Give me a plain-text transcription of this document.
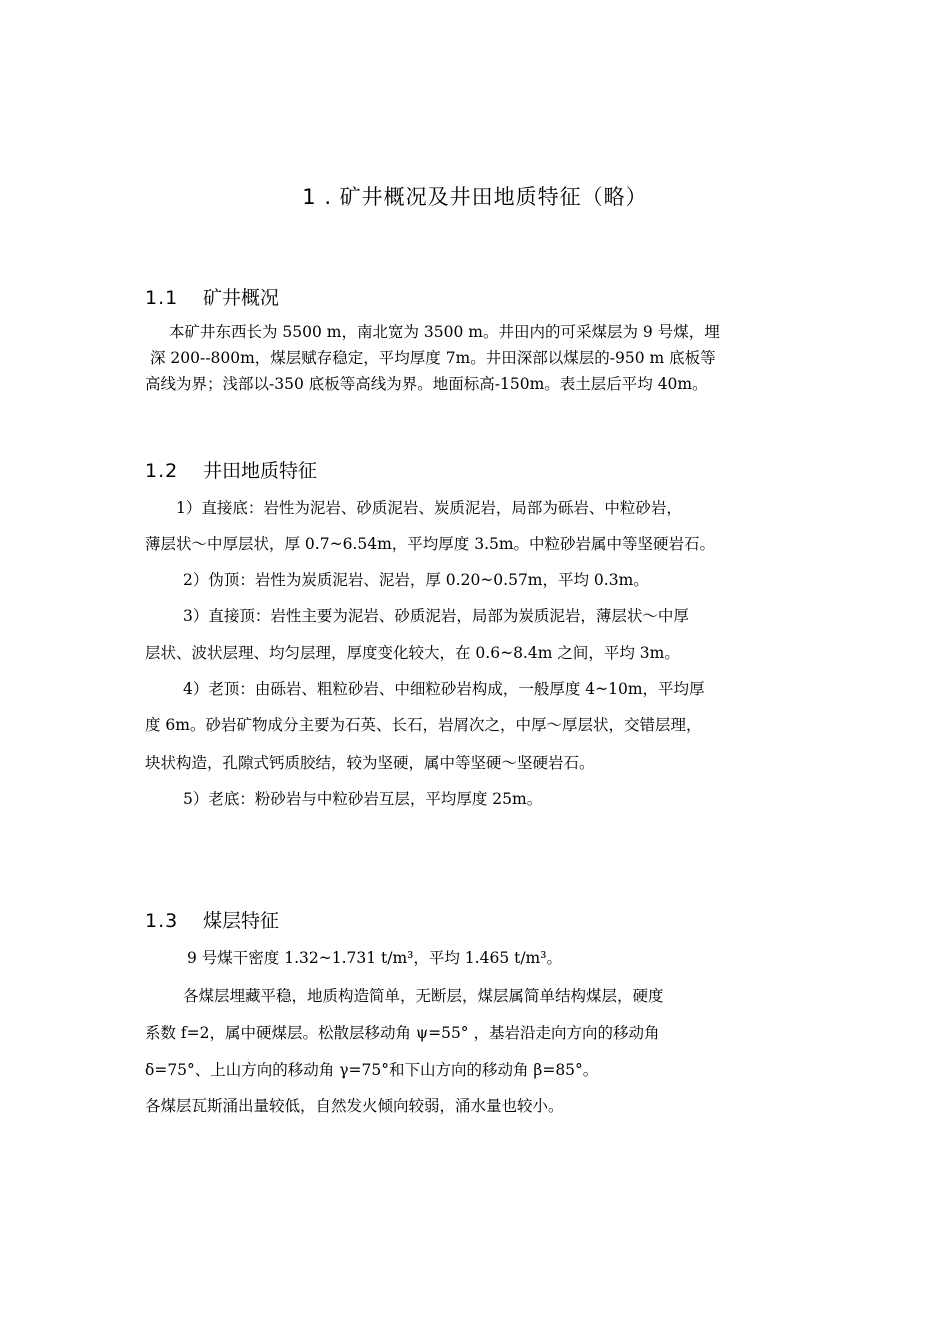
1 . 矿井概况及井田地质特征（略）
1.1 矿井概况

本矿井东西长为 5500 m，南北宽为 3500 m。井田内的可采煤层为 9 号煤，埋

深 200--800m，煤层赋存稳定，平均厚度 7m。井田深部以煤层的-950 m 底板等

高线为界；浅部以-350 底板等高线为界。地面标高-150m。表土层后平均 40m。

1.2 井田地质特征

1）直接底：岩性为泥岩、砂质泥岩、炭质泥岩，局部为砾岩、中粒砂岩，

薄层状～中厚层状，厚 0.7~6.54m，平均厚度 3.5m。中粒砂岩属中等坚硬岩石。

2）伪顶：岩性为炭质泥岩、泥岩，厚 0.20~0.57m，平均 0.3m。

3）直接顶：岩性主要为泥岩、砂质泥岩，局部为炭质泥岩，薄层状～中厚

层状、波状层理、均匀层理，厚度变化较大，在 0.6~8.4m 之间，平均 3m。

4）老顶：由砾岩、粗粒砂岩、中细粒砂岩构成，一般厚度 4~10m，平均厚

度 6m。砂岩矿物成分主要为石英、长石，岩屑次之，中厚～厚层状，交错层理，

块状构造，孔隙式钙质胶结，较为坚硬，属中等坚硬～坚硬岩石。

5）老底：粉砂岩与中粒砂岩互层，平均厚度 25m。

1.3 煤层特征

9 号煤干密度 1.32~1.731 t/m³，平均 1.465 t/m³。

各煤层埋藏平稳，地质构造简单，无断层，煤层属简单结构煤层，硬度

系数 f=2，属中硬煤层。松散层移动角 ψ=55° ，基岩沿走向方向的移动角

δ=75°、上山方向的移动角 γ=75°和下山方向的移动角 β=85°。

各煤层瓦斯涌出量较低，自然发火倾向较弱，涌水量也较小。
